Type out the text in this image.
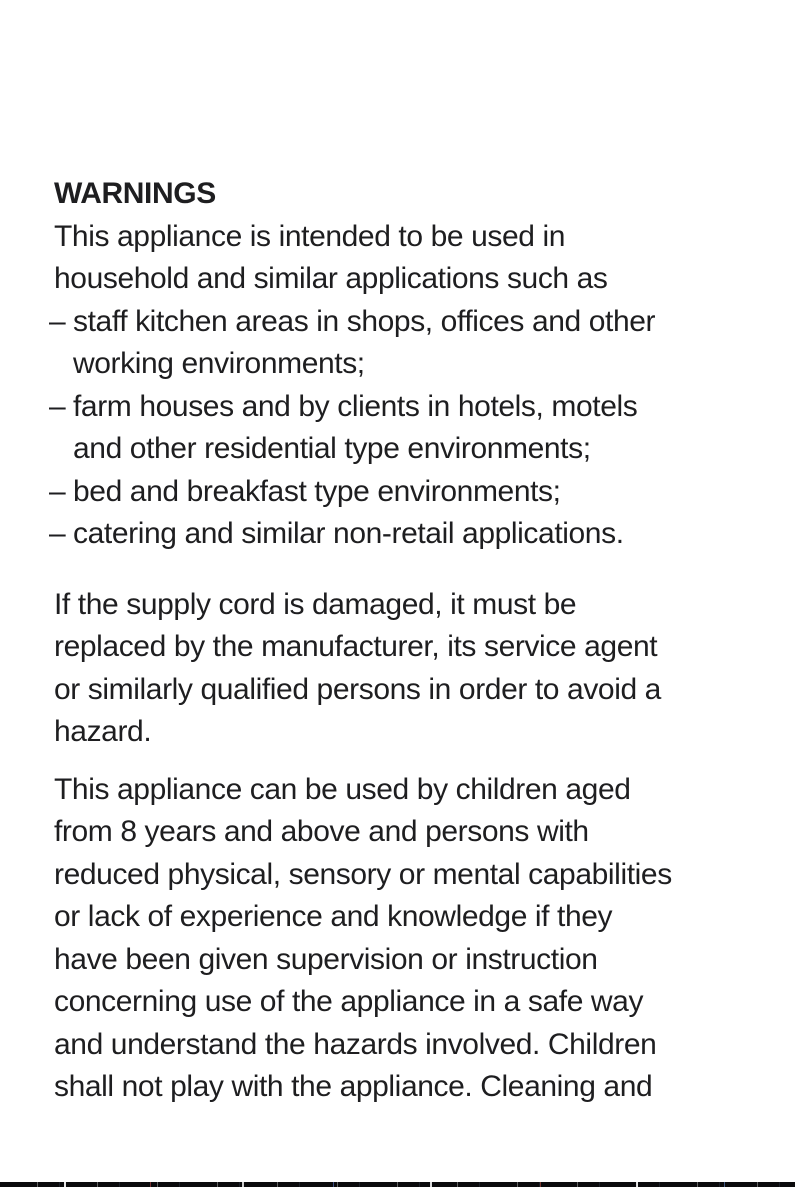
WARNINGS
This appliance is intended to be used in
household and similar applications such as
– staff kitchen areas in shops, offices and other
working environments;
– farm houses and by clients in hotels, motels
and other residential type environments;
– bed and breakfast type environments;
– catering and similar non-retail applications.
If the supply cord is damaged, it must be
replaced by the manufacturer, its service agent
or similarly qualified persons in order to avoid a
hazard.
This appliance can be used by children aged
from 8 years and above and persons with
reduced physical, sensory or mental capabilities
or lack of experience and knowledge if they
have been given supervision or instruction
concerning use of the appliance in a safe way
and understand the hazards involved. Children
shall not play with the appliance. Cleaning and
